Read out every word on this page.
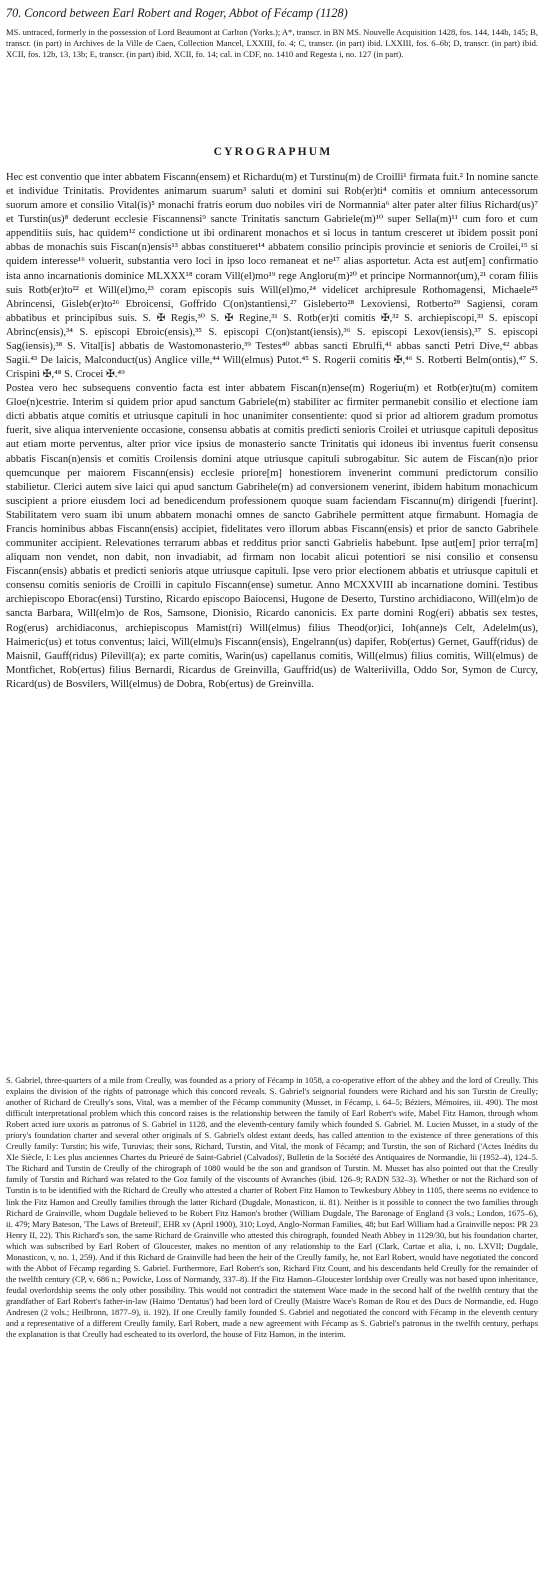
70. Concord between Earl Robert and Roger, Abbot of Fécamp (1128)

MS. untraced, formerly in the possession of Lord Beaumont at Carlton (Yorks.); A*, transcr. in BN MS. Nouvelle Acquisition 1428, fos. 144, 144b, 145; B, transcr. (in part) in Archives de la Ville de Caen, Collection Mancel, LXXIII, fo. 4; C, transcr. (in part) ibid. LXXIII, fos. 6–6b; D, transcr. (in part) ibid. XCII, fos. 12b, 13, 13b; E, transcr. (in part) ibid. XCII, fo. 14; cal. in CDF, no. 1410 and Regesta i, no. 127 (in part).

CYROGRAPHUM

Hec est conventio que inter abbatem Fiscann(ensem) et Richardu(m) et Turstinu(m) de Croilli¹ firmata fuit.² In nomine sancte et individue Trinitatis. Providentes animarum suarum³ saluti et domini sui Rob(er)ti⁴ comitis et omnium antecessorum suorum amore et consilio Vital(is)⁵ monachi fratris eorum duo nobiles viri de Normannia⁶ alter pater alter filius Richard(us)⁷ et Turstin(us)⁸ dederunt ecclesie Fiscannensi⁹ sancte Trinitatis sanctum Gabriele(m)¹⁰ super Sella(m)¹¹ cum foro et cum appenditiis suis, hac quidem¹² condictione ut ibi ordinarent monachos et si locus in tantum cresceret ut ibidem possit poni abbas de monachis suis Fiscan(n)ensis¹³ abbas constitueret¹⁴ abbatem consilio principis provincie et senioris de Croilei,¹⁵ si quidem interesse¹⁶ voluerit, substantia vero loci in ipso loco remaneat et ne¹⁷ alias asportetur. Acta est aut[em] confirmatio ista anno incarnationis dominice MLXXX¹⁸ coram Vill(el)mo¹⁹ rege Angloru(m)²⁰ et principe Normannor(um),²¹ coram filiis suis Rotb(er)to²² et Will(el)mo,²³ coram episcopis suis Will(el)mo,²⁴ videlicet archipresule Rothomagensi, Michaele²⁵ Abrincensi, Gisleb(er)to²⁶ Ebroicensi, Goffrido C(on)stantiensi,²⁷ Gisleberto²⁸ Lexoviensi, Rotberto²⁹ Sagiensi, coram abbatibus et principibus suis. S. ✠ Regis,³⁰ S. ✠ Regine,³¹ S. Rotb(er)ti comitis ✠,³² S. archiepiscopi,³³ S. episcopi Abrinc(ensis),³⁴ S. episcopi Ebroic(ensis),³⁵ S. episcopi C(on)stant(iensis),³⁶ S. episcopi Lexov(iensis),³⁷ S. episcopi Sag(iensis),³⁸ S. Vital[is] abbatis de Wastomonasterio,³⁹ Testes⁴⁰ abbas sancti Ebrulfi,⁴¹ abbas sancti Petri Dive,⁴² abbas Sagii.⁴³ De laicis, Malconduct(us) Anglice ville,⁴⁴ Will(elmus) Putot.⁴⁵ S. Rogerii comitis ✠,⁴⁶ S. Rotberti Belm(ontis),⁴⁷ S. Crispini ✠,⁴⁸ S. Crocei ✠.⁴⁹

Postea vero hec subsequens conventio facta est inter abbatem Fiscan(n)ense(m) Rogeriu(m) et Rotb(er)tu(m) comitem Gloe(n)cestrie. Interim si quidem prior apud sanctum Gabriele(m) stabiliter ac firmiter permanebit consilio et electione iam dicti abbatis atque comitis et utriusque capituli in hoc unanimiter consentiente: quod si prior ad altiorem gradum promotus fuerit, sive aliqua interveniente occasione, consensu abbatis at comitis predicti senioris Croilei et utriusque capituli depositus aut etiam morte perventus, alter prior vice ipsius de monasterio sancte Trinitatis qui idoneus ibi inventus fuerit consensu abbatis Fiscan(n)ensis et comitis Croilensis domini atque utriusque capituli subrogabitur. Sic autem de Fiscan(n)o prior quemcunque per maiorem Fiscann(ensis) ecclesie priore[m] honestiorem invenerint communi predictorum consilio stabilietur. Clerici autem sive laici qui apud sanctum Gabrihele(m) ad conversionem venerint, ibidem habitum monachicum suscipient a priore eiusdem loci ad benedicendum professionem quoque suam faciendam Fiscannu(m) dirigendi [fuerint]. Stabilitatem vero suam ibi unum abbatem monachi omnes de sancto Gabrihele permittent atque firmabunt. Homagia de Francis hominibus abbas Fiscann(ensis) accipiet, fidelitates vero illorum abbas Fiscann(ensis) et prior de sancto Gabrihele communiter accipient. Relevationes terrarum abbas et redditus prior sancti Gabrielis habebunt. Ipse aut[em] prior terra[m] aliquam non vendet, non dabit, non invadiabit, ad firmam non locabit alicui potentiori se nisi consilio et consensu Fiscann(ensis) abbatis et predicti senioris atque utriusque capituli. Ipse vero prior electionem abbatis et utriusque capituli et consensu comitis senioris de Croilli in capitulo Fiscann(ense) sumetur. Anno MCXXVIII ab incarnatione domini. Testibus archiepiscopo Eborac(ensi) Turstino, Ricardo episcopo Baiocensi, Hugone de Deserto, Turstino archidiacono, Will(elm)o de sancta Barbara, Will(elm)o de Ros, Samsone, Dionisio, Ricardo canonicis. Ex parte domini Rog(eri) abbatis sex testes, Rog(erus) archidiaconus, archiepiscopus Mamist(ri) Will(elmus) filius Theod(or)ici, Ioh(anne)s Celt, Adelelm(us), Haimeric(us) et totus conventus; laici, Will(elmu)s Fiscann(ensis), Engelrann(us) dapifer, Rob(ertus) Gernet, Gauff(ridus) de Maisnil, Gauff(ridus) Pilevill(a); ex parte comitis, Warin(us) capellanus comitis, Will(elmus) filius comitis, Will(elmus) de Montfichet, Rob(ertus) filius Bernardi, Ricardus de Greinvilla, Gauffrid(us) de Walteriivilla, Oddo Sor, Symon de Curcy, Ricard(us) de Bosvilers, Will(elmus) de Dobra, Rob(ertus) de Greinvilla.

S. Gabriel, three-quarters of a mile from Creully, was founded as a priory of Fécamp in 1058, a co-operative effort of the abbey and the lord of Creully. This explains the division of the rights of patronage which this concord reveals. S. Gabriel's seignorial founders were Richard and his son Turstin de Creully; another of Richard de Creully's sons, Vital, was a member of the Fécamp community (Musset, in Fécamp, i. 64–5; Béziers, Mémoires, iii. 490). The most difficult interpretational problem which this concord raises is the relationship between the family of Earl Robert's wife, Mabel Fitz Hamon, through whom Robert acted iure uxoris as patronus of S. Gabriel in 1128, and the eleventh-century family which founded S. Gabriel. M. Lucien Musset, in a study of the priory's foundation charter and several other originals of S. Gabriel's oldest extant deeds, has called attention to the existence of three generations of this Creully family: Turstin; his wife, Turuvias; their sons, Richard, Turstin, and Vital, the monk of Fécamp; and Turstin, the son of Richard ('Actes Inédits du XIe Siècle, I: Les plus anciennes Chartes du Prieuré de Saint-Gabriel (Calvados)', Bulletin de la Société des Antiquaires de Normandie, lii (1952–4), 124–5. The Richard and Turstin de Creully of the chirograph of 1080 would be the son and grandson of Turstin. M. Musset has also pointed out that the Creully family of Turstin and Richard was related to the Goz family of the viscounts of Avranches (ibid. 126–9; RADN 532–3). Whether or not the Richard son of Turstin is to be identified with the Richard de Creully who attested a charter of Robert Fitz Hamon to Tewkesbury Abbey in 1105, there seems no evidence to link the Fitz Hamon and Creully families through the latter Richard (Dugdale, Monasticon, ii. 81). Neither is it possible to connect the two families through Richard de Grainville, whom Dugdale believed to be Robert Fitz Hamon's brother (William Dugdale, The Baronage of England (3 vols.; London, 1675–6), ii. 479; Mary Bateson, 'The Laws of Breteuil', EHR xv (April 1900), 310; Loyd, Anglo-Norman Families, 48; but Earl William had a Grainville nepos: PR 23 Henry II, 22). This Richard's son, the same Richard de Grainville who attested this chirograph, founded Neath Abbey in 1129/30, but his foundation charter, which was subscribed by Earl Robert of Gloucester, makes no mention of any relationship to the Earl (Clark, Cartae et alia, i, no. LXVII; Dugdale, Monasticon, v, no. 1, 259). And if this Richard de Grainville had been the heir of the Creully family, he, not Earl Robert, would have negotiated the concord with the Abbot of Fécamp regarding S. Gabriel. Furthermore, Earl Robert's son, Richard Fitz Count, and his descendants held Creully for the remainder of the twelfth century (CP, v. 686 n.; Powicke, Loss of Normandy, 337–8). If the Fitz Hamon–Gloucester lordship over Creully was not based upon inheritance, feudal overlordship seems the only other possibility. This would not contradict the statement Wace made in the second half of the twelfth century that the grandfather of Earl Robert's father-in-law (Haimo 'Dentatus') had been lord of Creully (Maistre Wace's Roman de Rou et des Ducs de Normandie, ed. Hugo Andresen (2 vols.; Heilbronn, 1877–9), ii. 192). If one Creully family founded S. Gabriel and negotiated the concord with Fécamp in the eleventh century and a representative of a different Creully family, Earl Robert, made a new agreement with Fécamp as S. Gabriel's patronus in the twelfth century, perhaps the explanation is that Creully had escheated to its overlord, the house of Fitz Hamon, in the interim.
